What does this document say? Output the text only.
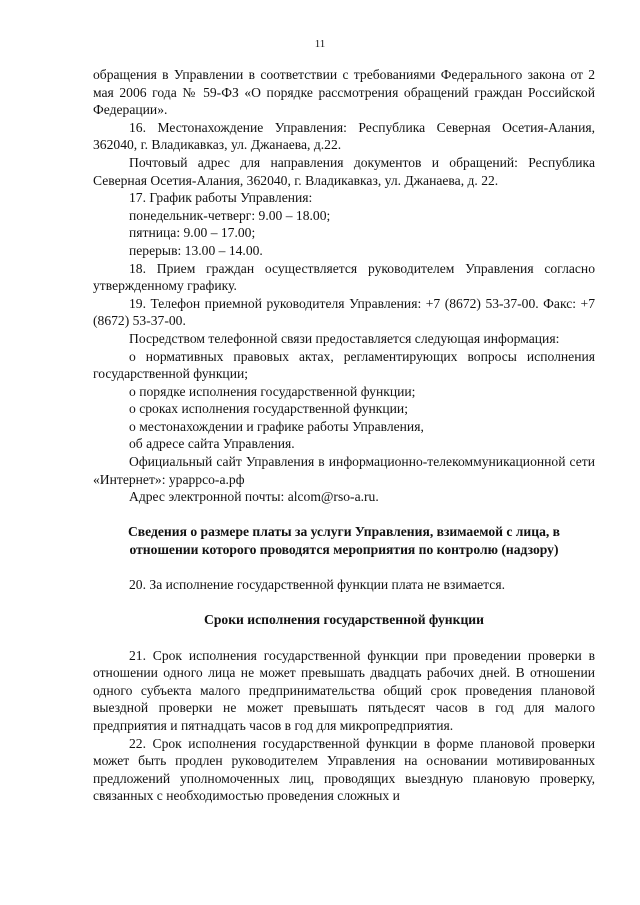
11

обращения в Управлении в соответствии с требованиями Федерального закона от 2 мая 2006 года № 59-ФЗ «О порядке рассмотрения обращений граждан Российской Федерации».

16. Местонахождение Управления: Республика Северная Осетия-Алания, 362040, г. Владикавказ, ул. Джанаева, д.22.

Почтовый адрес для направления документов и обращений: Республика Северная Осетия-Алания, 362040, г. Владикавказ, ул. Джанаева, д. 22.

17. График работы Управления:

понедельник-четверг: 9.00 – 18.00;

пятница: 9.00 – 17.00;

перерыв: 13.00 – 14.00.

18. Прием граждан осуществляется руководителем Управления согласно утвержденному графику.

19. Телефон приемной руководителя Управления: +7 (8672) 53-37-00. Факс: +7 (8672) 53-37-00.

Посредством телефонной связи предоставляется следующая информация:

о нормативных правовых актах, регламентирующих вопросы исполнения государственной функции;

о порядке исполнения государственной функции;

о сроках исполнения государственной функции;

о местонахождении и графике работы Управления,

об адресе сайта Управления.

Официальный сайт Управления в информационно-телекоммуникационной сети «Интернет»: ураррсо-а.рф

Адрес электронной почты: alcom@rso-a.ru.

Сведения о размере платы за услуги Управления, взимаемой с лица, в отношении которого проводятся мероприятия по контролю (надзору)

20. За исполнение государственной функции плата не взимается.

Сроки исполнения государственной функции

21. Срок исполнения государственной функции при проведении проверки в отношении одного лица не может превышать двадцать рабочих дней. В отношении одного субъекта малого предпринимательства общий срок проведения плановой выездной проверки не может превышать пятьдесят часов в год для малого предприятия и пятнадцать часов в год для микропредприятия.

22. Срок исполнения государственной функции в форме плановой проверки может быть продлен руководителем Управления на основании мотивированных предложений уполномоченных лиц, проводящих выездную плановую проверку, связанных с необходимостью проведения сложных и
